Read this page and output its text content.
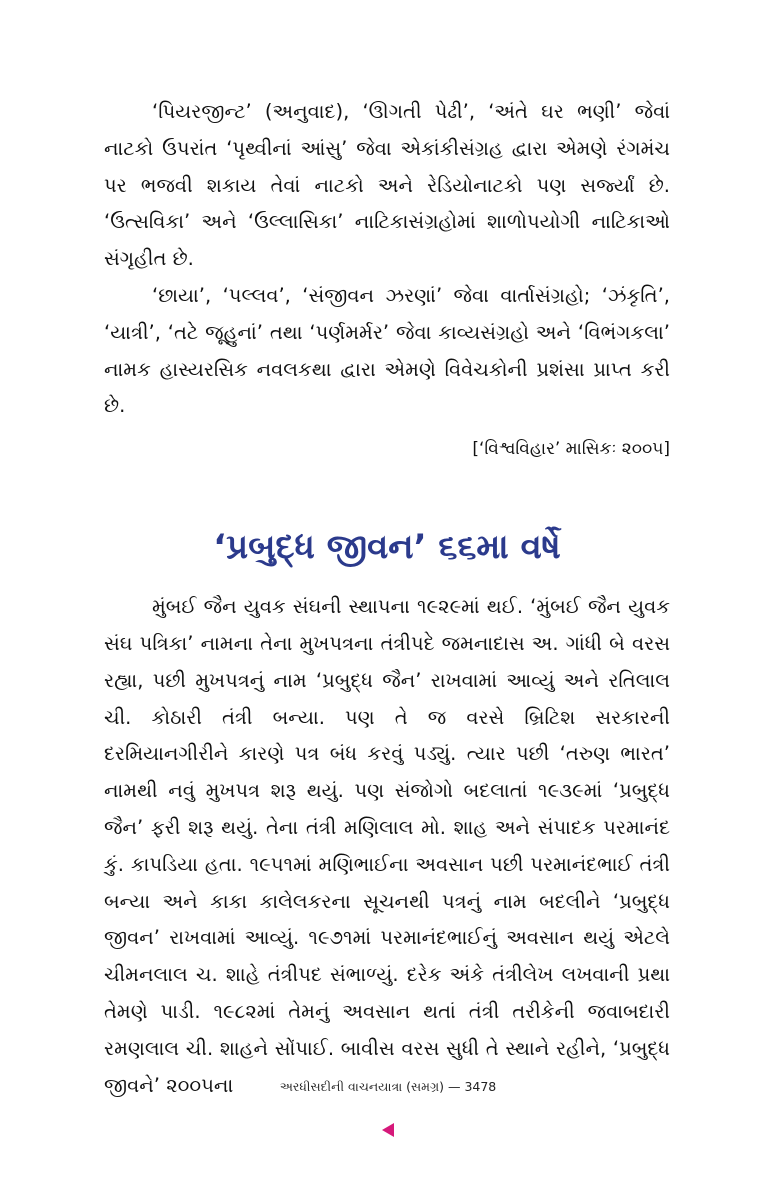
‘પિયરજીન્ટ’ (અનુવાદ), ‘ઊગતી પેઢી’, ‘અંતે ઘર ભણી’ જેવાં નાટકો ઉપરાંત ‘પૃથ્વીનાં આંસુ’ જેવા એકાંકીસંગ્રહ દ્વારા એમણે રંગમંચ પર ભજવી શકાય તેવાં નાટકો અને રેડિયોનાટકો પણ સર્જ્યાં છે. ‘ઉત્સવિકા’ અને ‘ઉલ્લાસિકા’ નાટિકાસંગ્રહોમાં શાળોપયોગી નાટિકાઓ સંગૃહીત છે.

‘છાયા’, ‘પલ્લવ’, ‘સંજીવન ઝરણાં’ જેવા વાર્તાસંગ્રહો; ‘ઝંકૃતિ’, ‘યાત્રી’, ‘તટે જૂહુનાં’ તથા ‘પર્ણમર્મર’ જેવા કાવ્યસંગ્રહો અને ‘વિભંગકલા’ નામક હાસ્યરસિક નવલકથા દ્વારા એમણે વિવેચકોની પ્રશંસા પ્રાપ્ત કરી છે.

[‘વિશ્વવિહાર’ માસિકઃ ૨૦૦૫]

‘પ્રબુદ્ધ જીવન’ ૬૬મા વર્ષે

મુંબઈ જૈન યુવક સંઘની સ્થાપના ૧૯૨૯માં થઈ. ‘મુંબઈ જૈન યુવક સંઘ પત્રિકા’ નામના તેના મુખપત્રના તંત્રીપદે જમનાદાસ અ. ગાંધી બે વરસ રહ્યા, પછી મુખપત્રનું નામ ‘પ્રબુદ્ધ જૈન’ રાખવામાં આવ્યું અને રતિલાલ ચી. કોઠારી તંત્રી બન્યા. પણ તે જ વરસે બ્રિટિશ સરકારની દરમિયાનગીરીને કારણે પત્ર બંધ કરવું પડ્યું. ત્યાર પછી ‘તરુણ ભારત’ નામથી નવું મુખપત્ર શરૂ થયું. પણ સંજોગો બદલાતાં ૧૯૩૯માં ‘પ્રબુદ્ધ જૈન’ ફરી શરૂ થયું. તેના તંત્રી મણિલાલ મો. શાહ અને સંપાદક પરમાનંદ કું. કાપડિયા હતા. ૧૯૫૧માં મણિભાઈના અવસાન પછી પરમાનંદભાઈ તંત્રી બન્યા અને કાકા કાલેલકરના સૂચનથી પત્રનું નામ બદલીને ‘પ્રબુદ્ધ જીવન’ રાખવામાં આવ્યું. ૧૯૭૧માં પરમાનંદભાઈનું અવસાન થયું એટલે ચીમનલાલ ચ. શાહે તંત્રીપદ સંભાળ્યું. દરેક અંકે તંત્રીલેખ લખવાની પ્રથા તેમણે પાડી. ૧૯૮૨માં તેમનું અવસાન થતાં તંત્રી તરીકેની જવાબદારી રમણલાલ ચી. શાહને સોંપાઈ. બાવીસ વરસ સુધી તે સ્થાને રહીને, ‘પ્રબુદ્ધ જીવને’ ૨૦૦૫ના	અરધીસદીની વાચનયાત્રા (સમગ્ર) — 3478
